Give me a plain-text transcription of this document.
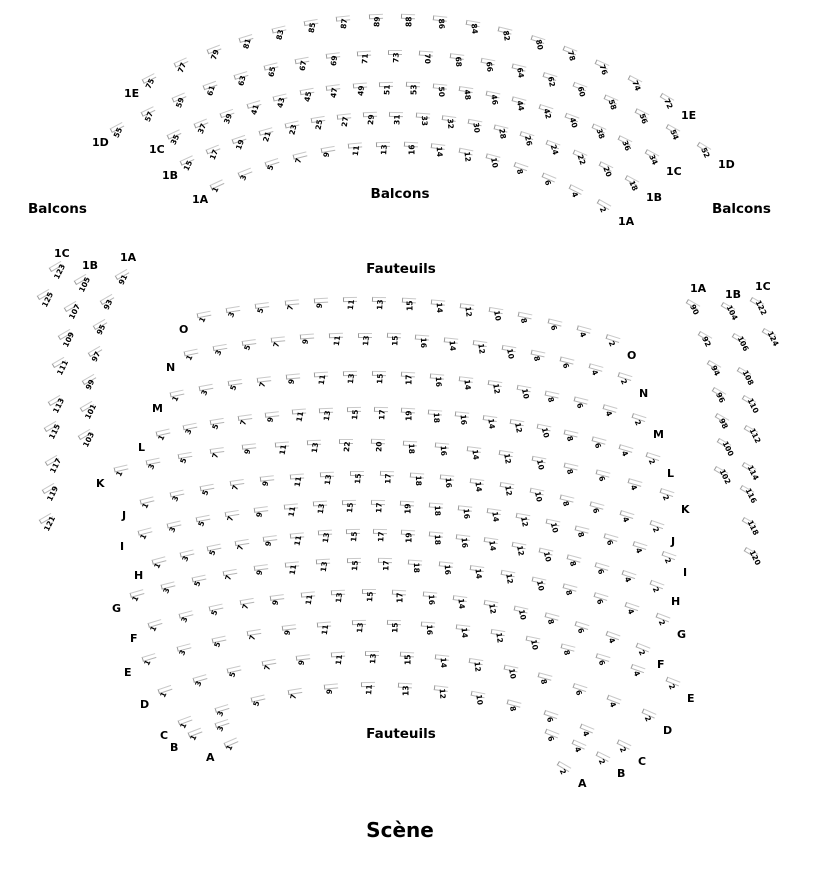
Scène
75
77
79
81
83
85	87	89	88	86	84
82
80
78
76
74
72
1E
1E
55
57
59
61
63
65
67	69	71	73	70	68	66
64
62
60
58
56
54
52
1D
1D
35
37
39
41
43 45 47 49 51 53 50 48 46
44
42
40
38
36
34
1C
1C
15
17
19
21
23 25 27 29 31 33 32 30 28
26
24
22
20
18
1B
1B
1
3
5
7
9	11 13 16	14 12
10
8
6
4
2
1A
1A
1
3
5	7	9	11	13	15	14	12 10 8
6
4
2
O
O
1
3
5	7	9	11	13	15	16	14	12 10 8
6
4
2
N
N
1
3
5 7	9	11 13	15	17	16	14 12 10 8
6
4
2
M
M
1
3
5
7 9	11 13 15 17 19 18 16 14 12 10 8
6
4
2
L
L
1
3
5
7
9	11	13	22	20	18	16	14	12	10
8
6
4
2
K
K
1
3
5
7
9	11	13	15	17	18	16	14	12	10
8
6
4
2
J
J
1
3
5
7
9	11 13	15	17	19	18	16	14 12 10
8
6
4
2
I
I
1
3
5
7
9	11 13 15 17 19	18 16 14 12 10
8
6
4
2
H
H
1
3
5
7
9	11	13	15	17	18	16	14	12
10
8
6
4
2
G
G
1
3
5
7
9	11	13	15	17	16	14	12
10
8
6
4
2
F
F
1
3
5
7
9	11	13	15	16	14	12
10
8
6
4
2
E
E
1
3
5
7
9	11	13	15	14	12
10
8
6
4
2
D
D
1
3
5
7
9	11	13	12
10
8
6
4
2
C
C
1
3
6
4
2
B
B
1
2
A
A
1C
123
125
1B
105
107
109
111
113
115
117
119
121
1A
91
93
95
97
99
101
103
1A
90
92
94
96
98
100
102
1B
104
106
108
110
112
114
116
118
120
1C
122
124
Balcons
Balcons
Balcons
Fauteuils
Fauteuils
